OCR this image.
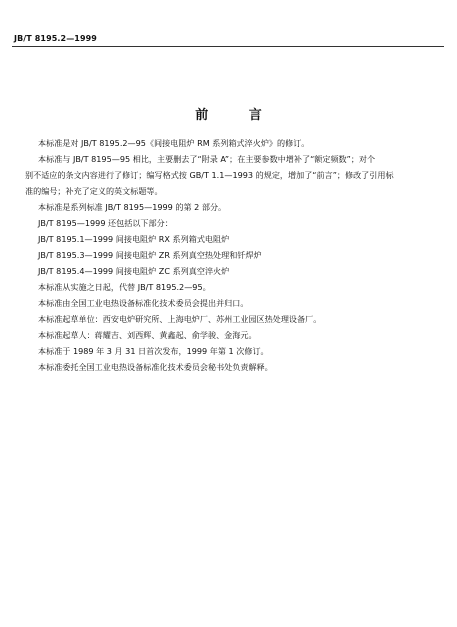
JB/T 8195.2—1999
前 言

本标准是对 JB/T 8195.2—95《间接电阻炉 RM 系列箱式淬火炉》的修订。

本标准与 JB/T 8195—95 相比，主要删去了“附录 A”；在主要参数中增补了“额定频数”；对个

别不适应的条文内容进行了修订；编写格式按 GB/T 1.1—1993 的规定，增加了“前言”；修改了引用标

准的编号；补充了定义的英文标题等。

本标准是系列标准 JB/T 8195—1999 的第 2 部分。

JB/T 8195—1999 还包括以下部分：

JB/T 8195.1—1999 间接电阻炉 RX 系列箱式电阻炉

JB/T 8195.3—1999 间接电阻炉 ZR 系列真空热处理和钎焊炉

JB/T 8195.4—1999 间接电阻炉 ZC 系列真空淬火炉

本标准从实施之日起，代替 JB/T 8195.2—95。

本标准由全国工业电热设备标准化技术委员会提出并归口。

本标准起草单位：西安电炉研究所、上海电炉厂、苏州工业园区热处理设备厂。

本标准起草人：蒋耀吉、刘西辉、黄鑫起、俞学骏、金海元。

本标准于 1989 年 3 月 31 日首次发布，1999 年第 1 次修订。

本标准委托全国工业电热设备标准化技术委员会秘书处负责解释。
